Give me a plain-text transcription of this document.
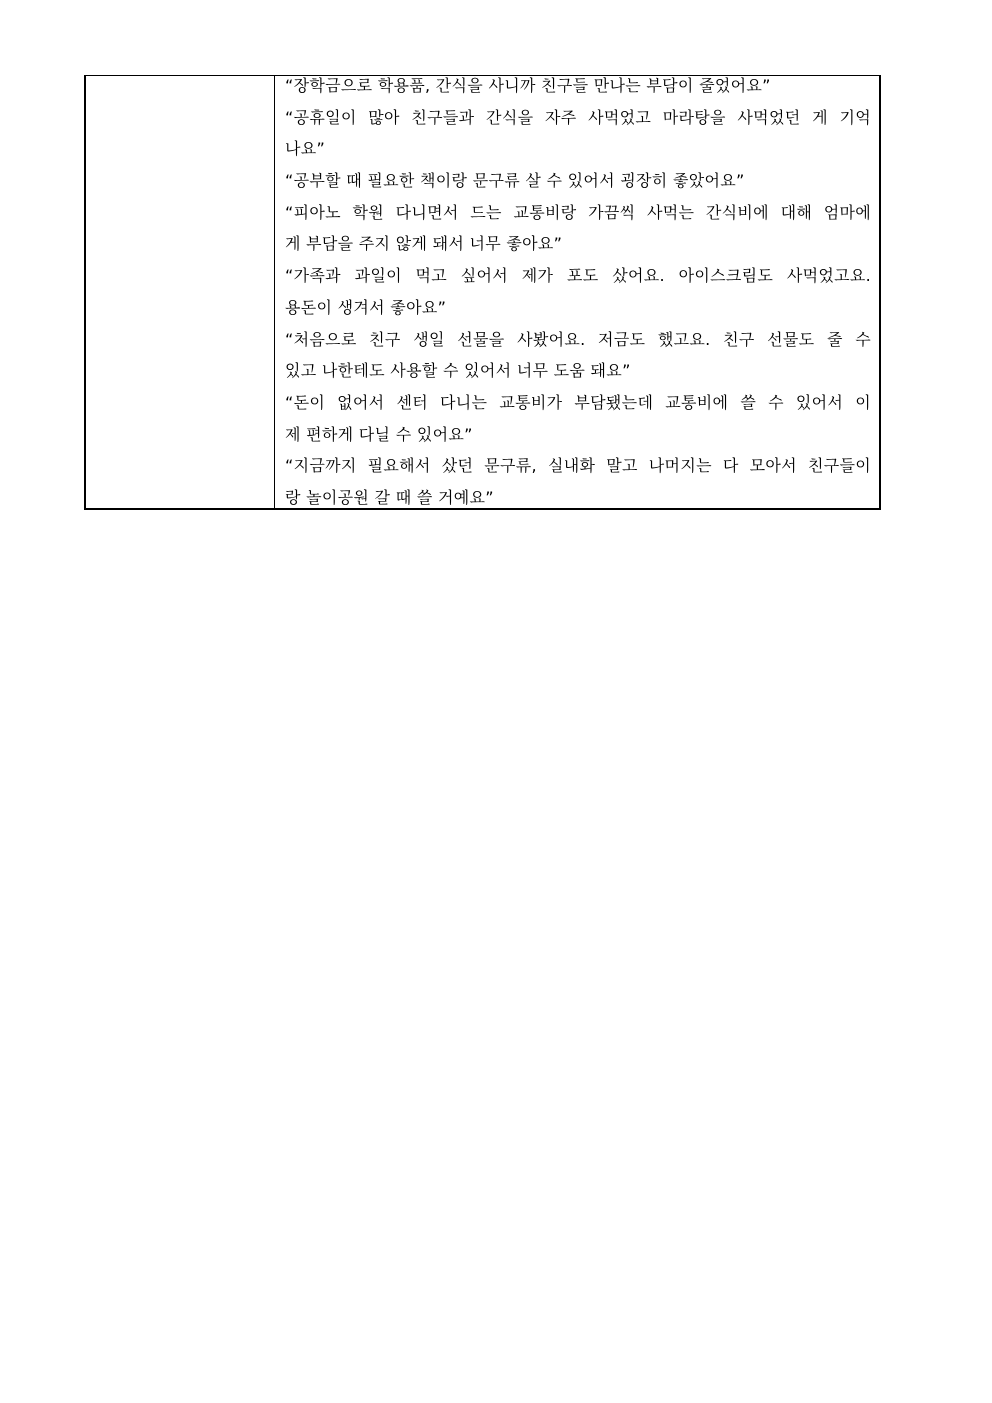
“장학금으로 학용품, 간식을 사니까 친구들 만나는 부담이 줄었어요”
“공휴일이 많아 친구들과 간식을 자주 사먹었고 마라탕을 사먹었던 게 기억
나요”
“공부할 때 필요한 책이랑 문구류 살 수 있어서 굉장히 좋았어요”
“피아노 학원 다니면서 드는 교통비랑 가끔씩 사먹는 간식비에 대해 엄마에
게 부담을 주지 않게 돼서 너무 좋아요”
“가족과 과일이 먹고 싶어서 제가 포도 샀어요. 아이스크림도 사먹었고요.
용돈이 생겨서 좋아요”
“처음으로 친구 생일 선물을 사봤어요. 저금도 했고요. 친구 선물도 줄 수
있고 나한테도 사용할 수 있어서 너무 도움 돼요”
“돈이 없어서 센터 다니는 교통비가 부담됐는데 교통비에 쓸 수 있어서 이
제 편하게 다닐 수 있어요”
“지금까지 필요해서 샀던 문구류, 실내화 말고 나머지는 다 모아서 친구들이
랑 놀이공원 갈 때 쓸 거예요”
